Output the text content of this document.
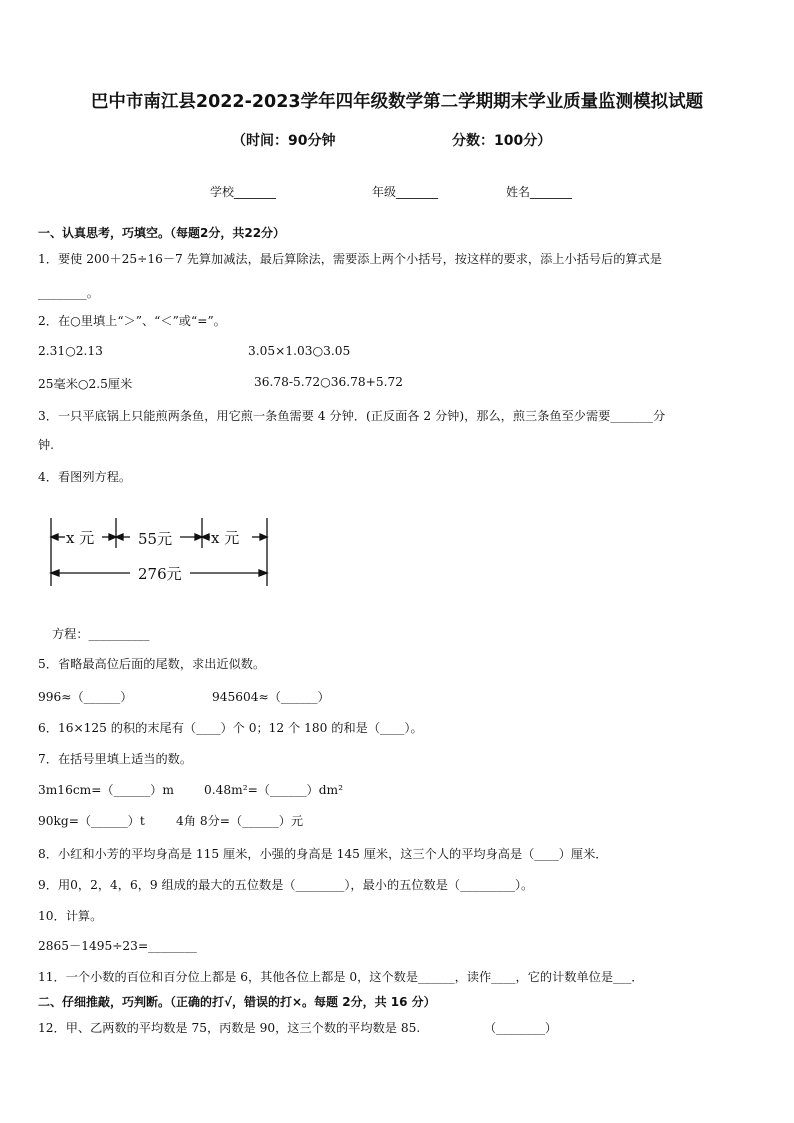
巴中市南江县2022-2023学年四年级数学第二学期期末学业质量监测模拟试题
（时间：90分钟	分数：100分）
学校_______	年级_______	姓名_______
一、认真思考，巧填空。（每题2分，共22分）
1．要使 200＋25÷16－7 先算加减法，最后算除法，需要添上两个小括号，按这样的要求，添上小括号后的算式是
________。
2．在○里填上“＞”、“＜”或“=”。
2.31○2.13	3.05×1.03○3.05
25毫米○2.5厘米	36.78-5.72○36.78+5.72
3．一只平底锅上只能煎两条鱼，用它煎一条鱼需要 4 分钟．(正反面各 2 分钟)，那么，煎三条鱼至少需要_______分
钟.
4．看图列方程。
x 元	55元	x 元
276元
方程：__________
5．省略最高位后面的尾数，求出近似数。
996≈（______）	945604≈（______）
6．16×125 的积的末尾有（____）个 0；12 个 180 的和是（____）。
7．在括号里填上适当的数。
3m16cm=（______）m 0.48m²=（______）dm²
90kg=（______）t	4角 8分=（______）元
8．小红和小芳的平均身高是 115 厘米，小强的身高是 145 厘米，这三个人的平均身高是（____）厘米．
9．用0，2，4，6，9 组成的最大的五位数是（________），最小的五位数是（_________）。
10．计算。
2865－1495÷23=________
11．一个小数的百位和百分位上都是 6，其他各位上都是 0，这个数是______，读作____，它的计数单位是___．
二、仔细推敲，巧判断。（正确的打√，错误的打×。每题 2分，共 16 分）
12．甲、乙两数的平均数是 75，丙数是 90，这三个数的平均数是 85.	（________）
